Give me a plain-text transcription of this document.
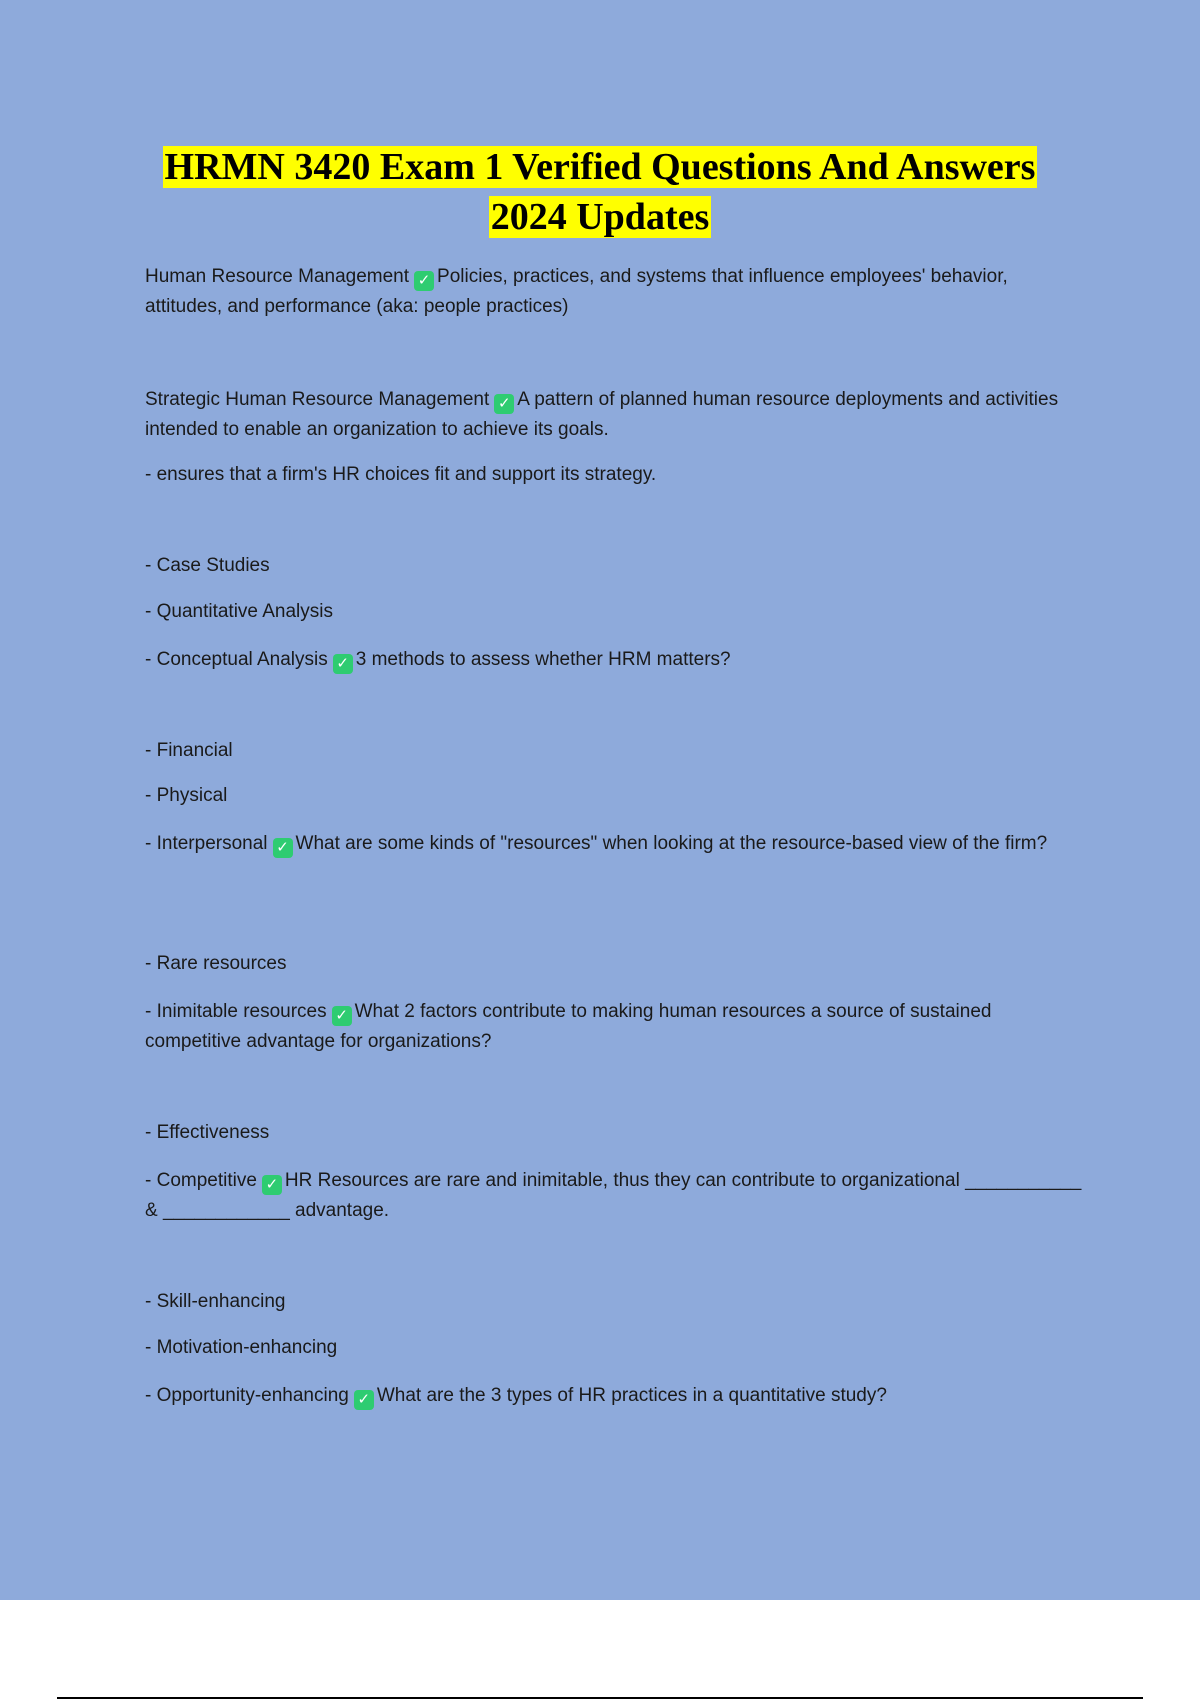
HRMN 3420 Exam 1 Verified Questions And Answers
2024 Updates

Human Resource Management ✓ Policies, practices, and systems that influence employees' behavior, attitudes, and performance (aka: people practices)

Strategic Human Resource Management ✓ A pattern of planned human resource deployments and activities intended to enable an organization to achieve its goals.

- ensures that a firm's HR choices fit and support its strategy.

- Case Studies

- Quantitative Analysis

- Conceptual Analysis ✓ 3 methods to assess whether HRM matters?

- Financial

- Physical

- Interpersonal ✓ What are some kinds of "resources" when looking at the resource-based view of the firm?

- Rare resources

- Inimitable resources ✓ What 2 factors contribute to making human resources a source of sustained competitive advantage for organizations?

- Effectiveness

- Competitive ✓ HR Resources are rare and inimitable, thus they can contribute to organizational ___________ & ____________ advantage.

- Skill-enhancing

- Motivation-enhancing

- Opportunity-enhancing ✓ What are the 3 types of HR practices in a quantitative study?
